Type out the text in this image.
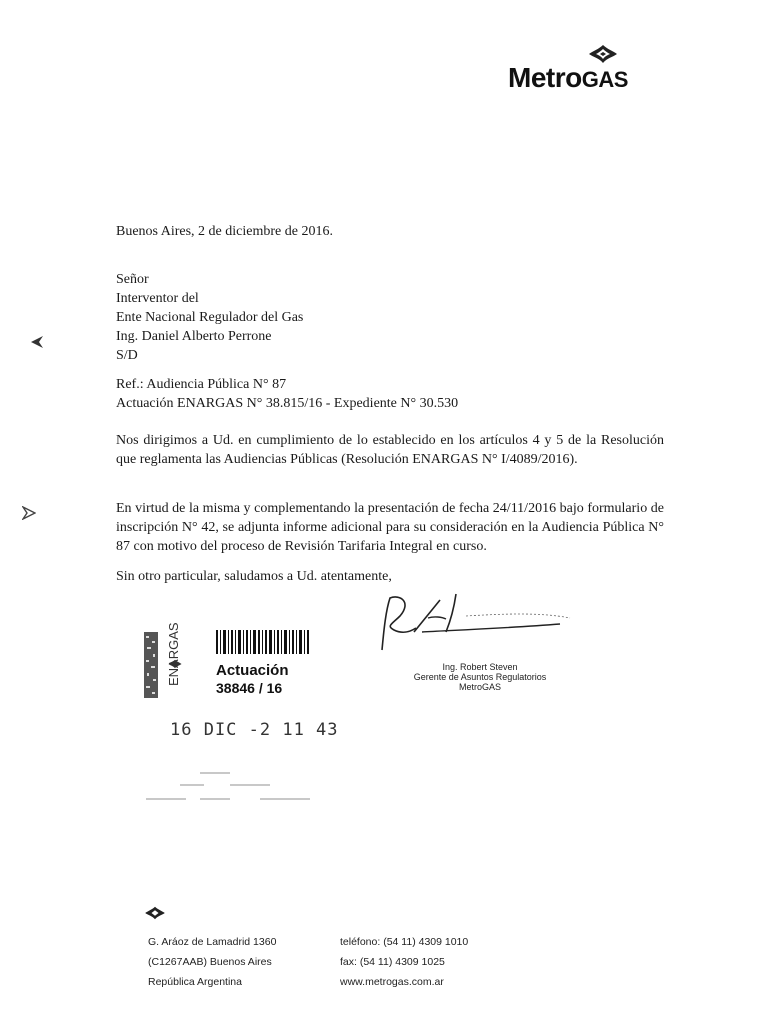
MetroGAS
Buenos Aires, 2 de diciembre de 2016.
Señor
Interventor del
Ente Nacional Regulador del Gas
Ing. Daniel Alberto Perrone
S/D
Ref.: Audiencia Pública N° 87
Actuación ENARGAS N° 38.815/16 - Expediente N° 30.530
Nos dirigimos a Ud. en cumplimiento de lo establecido en los artículos 4 y 5 de la Resolución que reglamenta las Audiencias Públicas (Resolución ENARGAS N° I/4089/2016).
En virtud de la misma y complementando la presentación de fecha 24/11/2016 bajo formulario de inscripción N° 42, se adjunta informe adicional para su consideración en la Audiencia Pública N° 87 con motivo del proceso de Revisión Tarifaria Integral en curso.
Sin otro particular, saludamos a Ud. atentamente,
ENARGAS Actuación
38846 / 16
16 DIC -2 11 43
Ing. Robert Steven
Gerente de Asuntos Regulatorios
MetroGAS
G. Aráoz de Lamadrid 1360
(C1267AAB) Buenos Aires
República Argentina
teléfono: (54 11) 4309 1010
fax: (54 11) 4309 1025
www.metrogas.com.ar
